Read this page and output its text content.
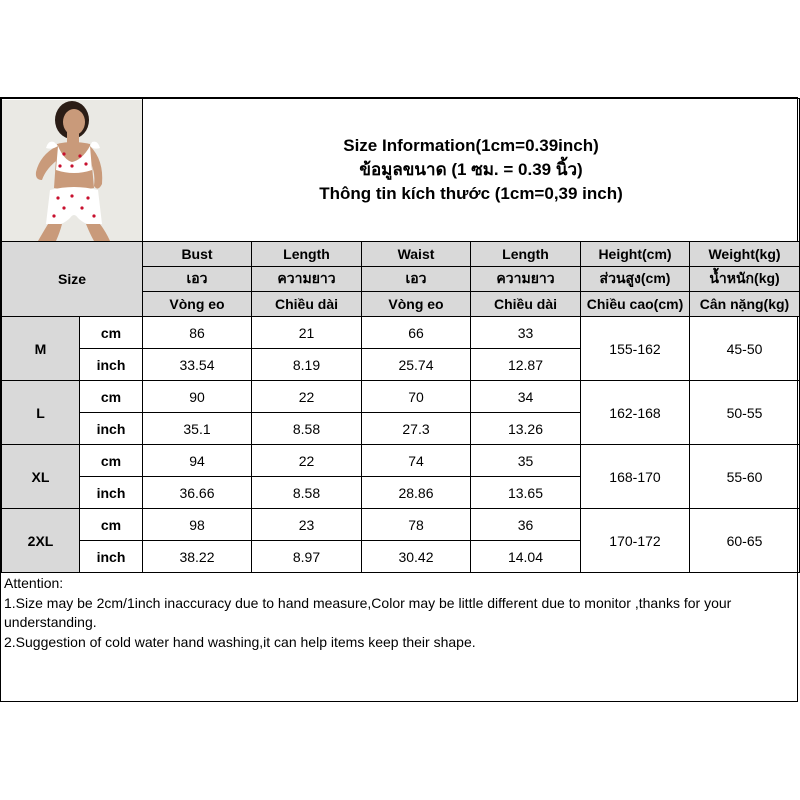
Size Information(1cm=0.39inch)
ข้อมูลขนาด (1 ซม. = 0.39 นิ้ว)
Thông tin kích thước (1cm=0,39 inch)					

Size		Bust	Length	Waist	Length	Height(cm)	Weight(kg)
		เอว	ความยาว	เอว	ความยาว	ส่วนสูง(cm)	น้ำหนัก(kg)
		Vòng eo	Chiều dài	Vòng eo	Chiều dài	Chiều cao(cm)	Cân nặng(kg)
M	cm	86	21	66	33	155-162	45-50
	inch	33.54	8.19	25.74	12.87		
L	cm	90	22	70	34	162-168	50-55
	inch	35.1	8.58	27.3	13.26		
XL	cm	94	22	74	35	168-170	55-60
	inch	36.66	8.58	28.86	13.65		
2XL	cm	98	23	78	36	170-172	60-65
	inch	38.22	8.97	30.42	14.04		
Attention:
1.Size may be 2cm/1inch inaccuracy due to hand measure,Color may be little different due to monitor ,thanks for your understanding.
2.Suggestion of cold water hand washing,it can help items keep their shape.
